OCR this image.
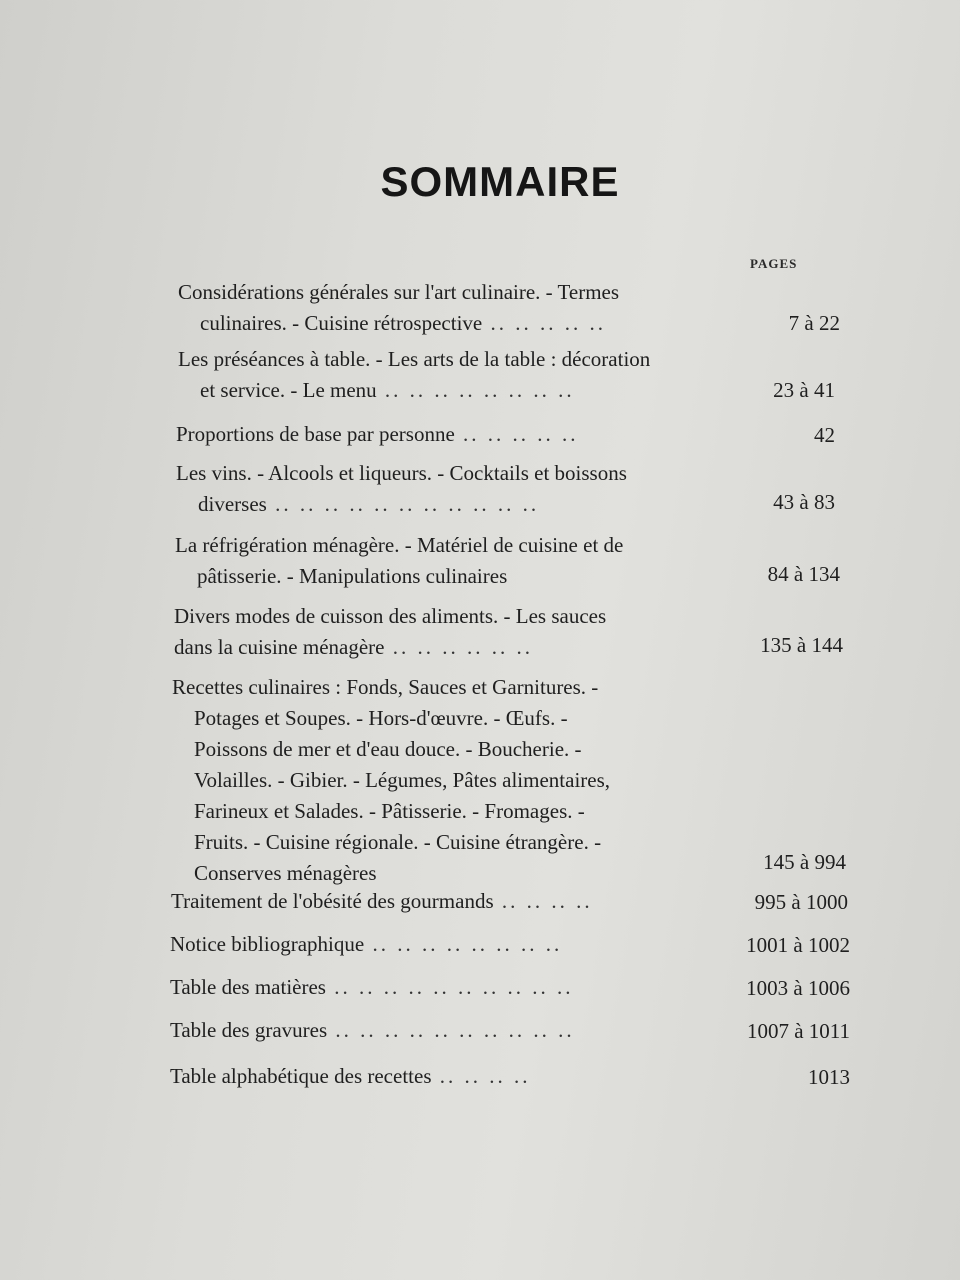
SOMMAIRE
PAGES
Considérations générales sur l'art culinaire. - Termes
culinaires. - Cuisine rétrospective .. .. .. .. ..	7 à 22
Les préséances à table. - Les arts de la table : décoration
et service. - Le menu .. .. .. .. .. .. .. ..	23 à 41
Proportions de base par personne .. .. .. .. ..	42
Les vins. - Alcools et liqueurs. - Cocktails et boissons
diverses .. .. .. .. .. .. .. .. .. .. ..	43 à 83
La réfrigération ménagère. - Matériel de cuisine et de
pâtisserie. - Manipulations culinaires	84 à 134
Divers modes de cuisson des aliments. - Les sauces
dans la cuisine ménagère .. .. .. .. .. ..	135 à 144
Recettes culinaires : Fonds, Sauces et Garnitures. -
Potages et Soupes. - Hors-d'œuvre. - Œufs. -
Poissons de mer et d'eau douce. - Boucherie. -
Volailles. - Gibier. - Légumes, Pâtes alimentaires,
Farineux et Salades. - Pâtisserie. - Fromages. -
Fruits. - Cuisine régionale. - Cuisine étrangère. -
Conserves ménagères	145 à 994
Traitement de l'obésité des gourmands .. .. .. ..	995 à 1000
Notice bibliographique .. .. .. .. .. .. .. ..	1001 à 1002
Table des matières .. .. .. .. .. .. .. .. .. ..	1003 à 1006
Table des gravures .. .. .. .. .. .. .. .. .. ..	1007 à 1011
Table alphabétique des recettes .. .. .. ..	1013
